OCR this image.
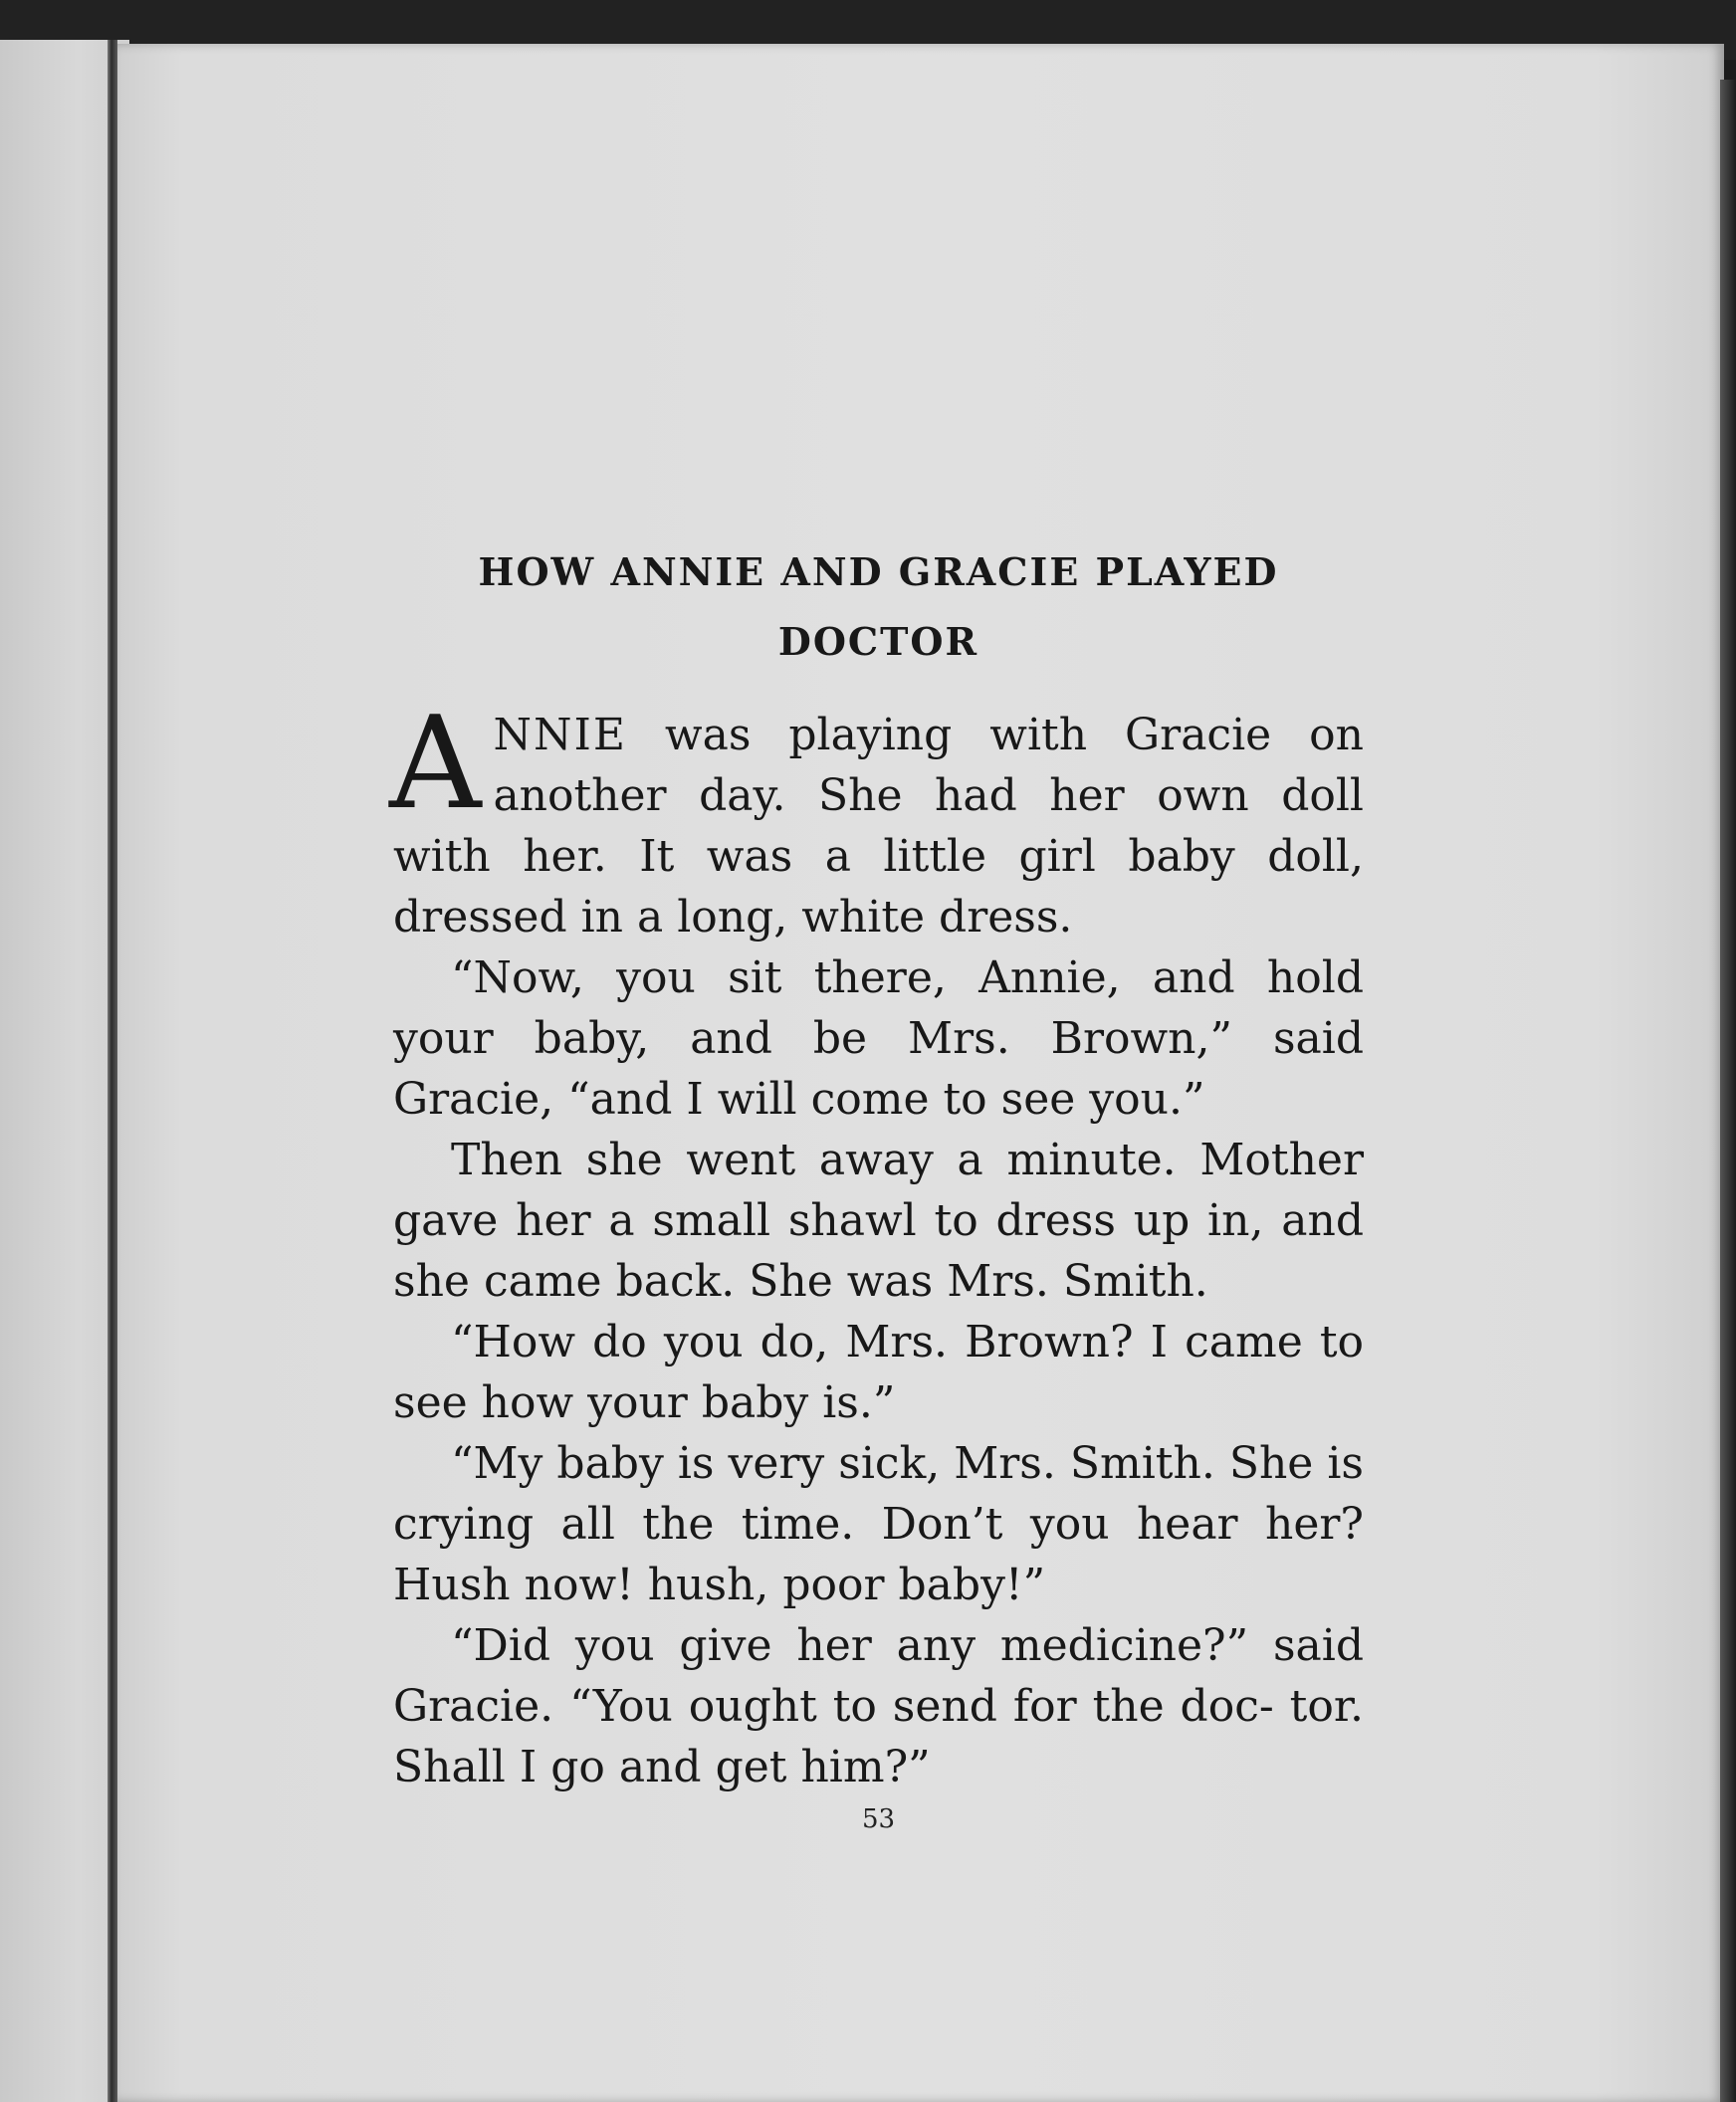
HOW ANNIE AND GRACIE PLAYED
DOCTOR

ANNIE was playing with Gracie on another day. She had her own doll with her. It was a little girl baby doll, dressed in a long, white dress.

“Now, you sit there, Annie, and hold your baby, and be Mrs. Brown,” said Gracie, “and I will come to see you.”

Then she went away a minute. Mother gave her a small shawl to dress up in, and she came back. She was Mrs. Smith.

“How do you do, Mrs. Brown? I came to see how your baby is.”

“My baby is very sick, Mrs. Smith. She is crying all the time. Don’t you hear her? Hush now! hush, poor baby!”

“Did you give her any medicine?” said Gracie. “You ought to send for the doc- tor. Shall I go and get him?”

53
